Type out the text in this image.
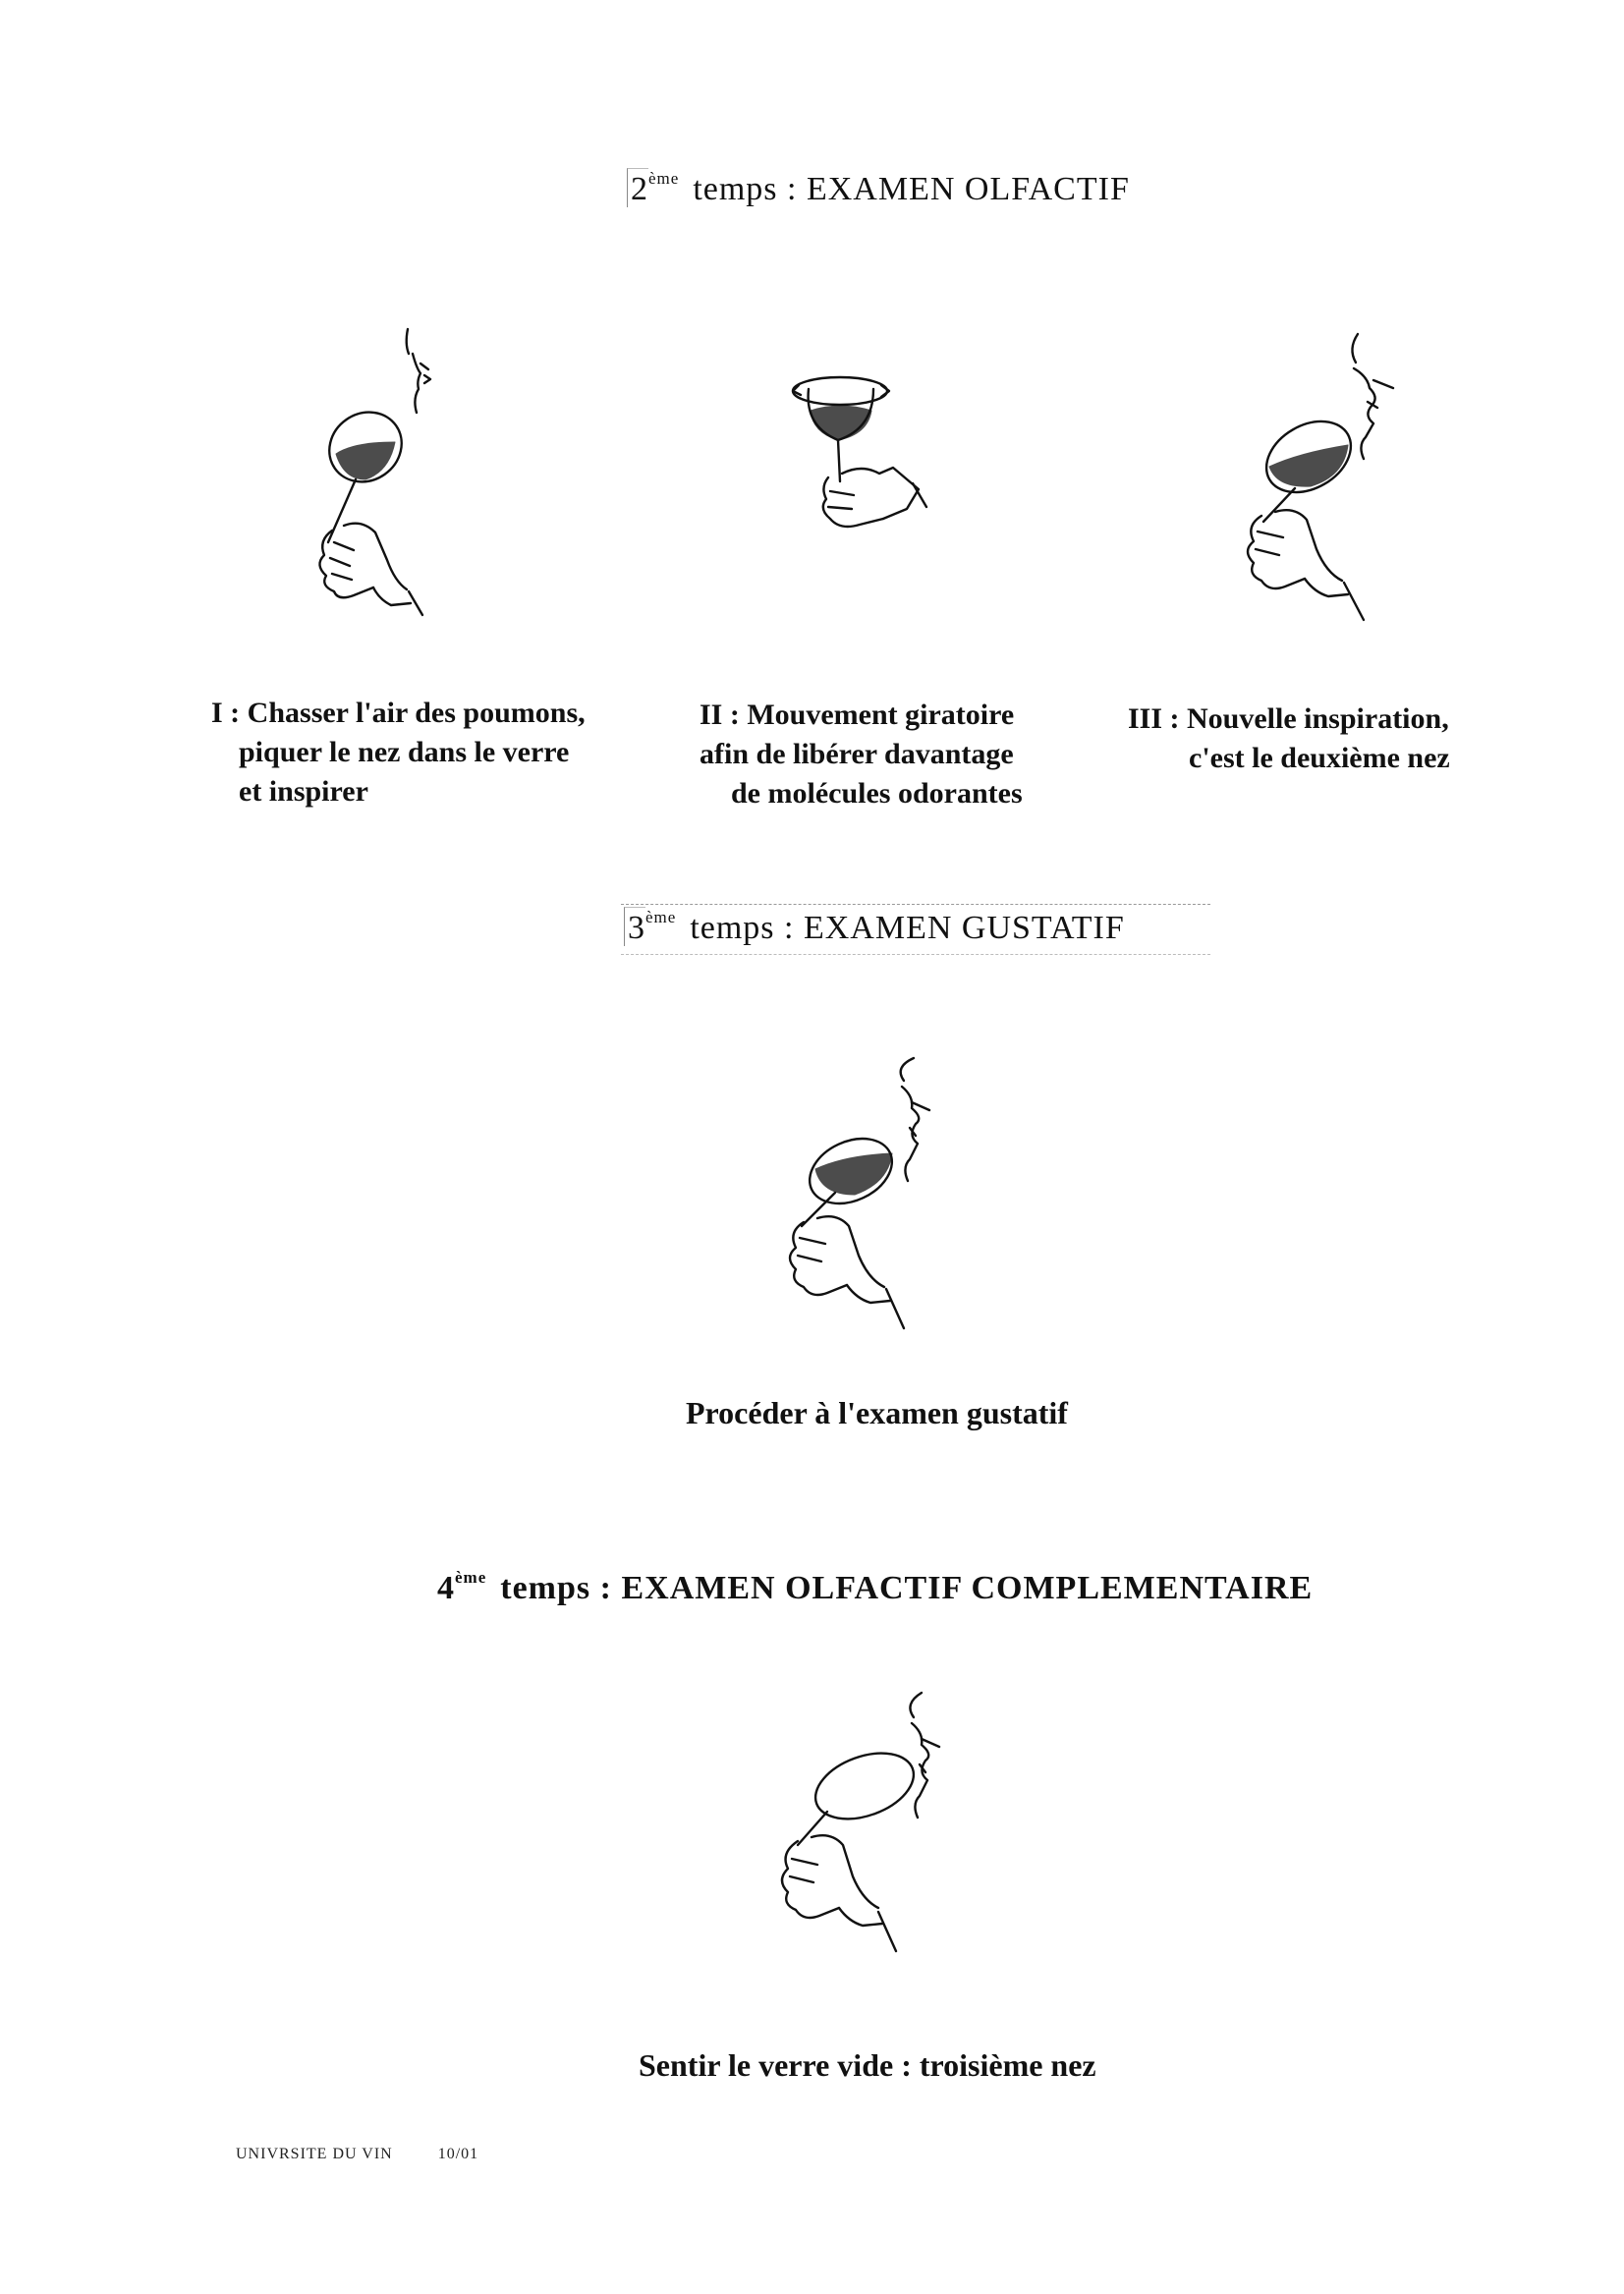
2ème temps : EXAMEN OLFACTIF
I : Chasser l'air des poumons,
piquer le nez dans le verre
et inspirer
II : Mouvement giratoire
afin de libérer davantage
de molécules odorantes
III : Nouvelle inspiration,
c'est le deuxième nez
3ème temps : EXAMEN GUSTATIF
Procéder à l'examen gustatif
4ème temps : EXAMEN OLFACTIF COMPLEMENTAIRE
Sentir le verre vide : troisième nez
UNIVRSITE DU VIN	10/01
